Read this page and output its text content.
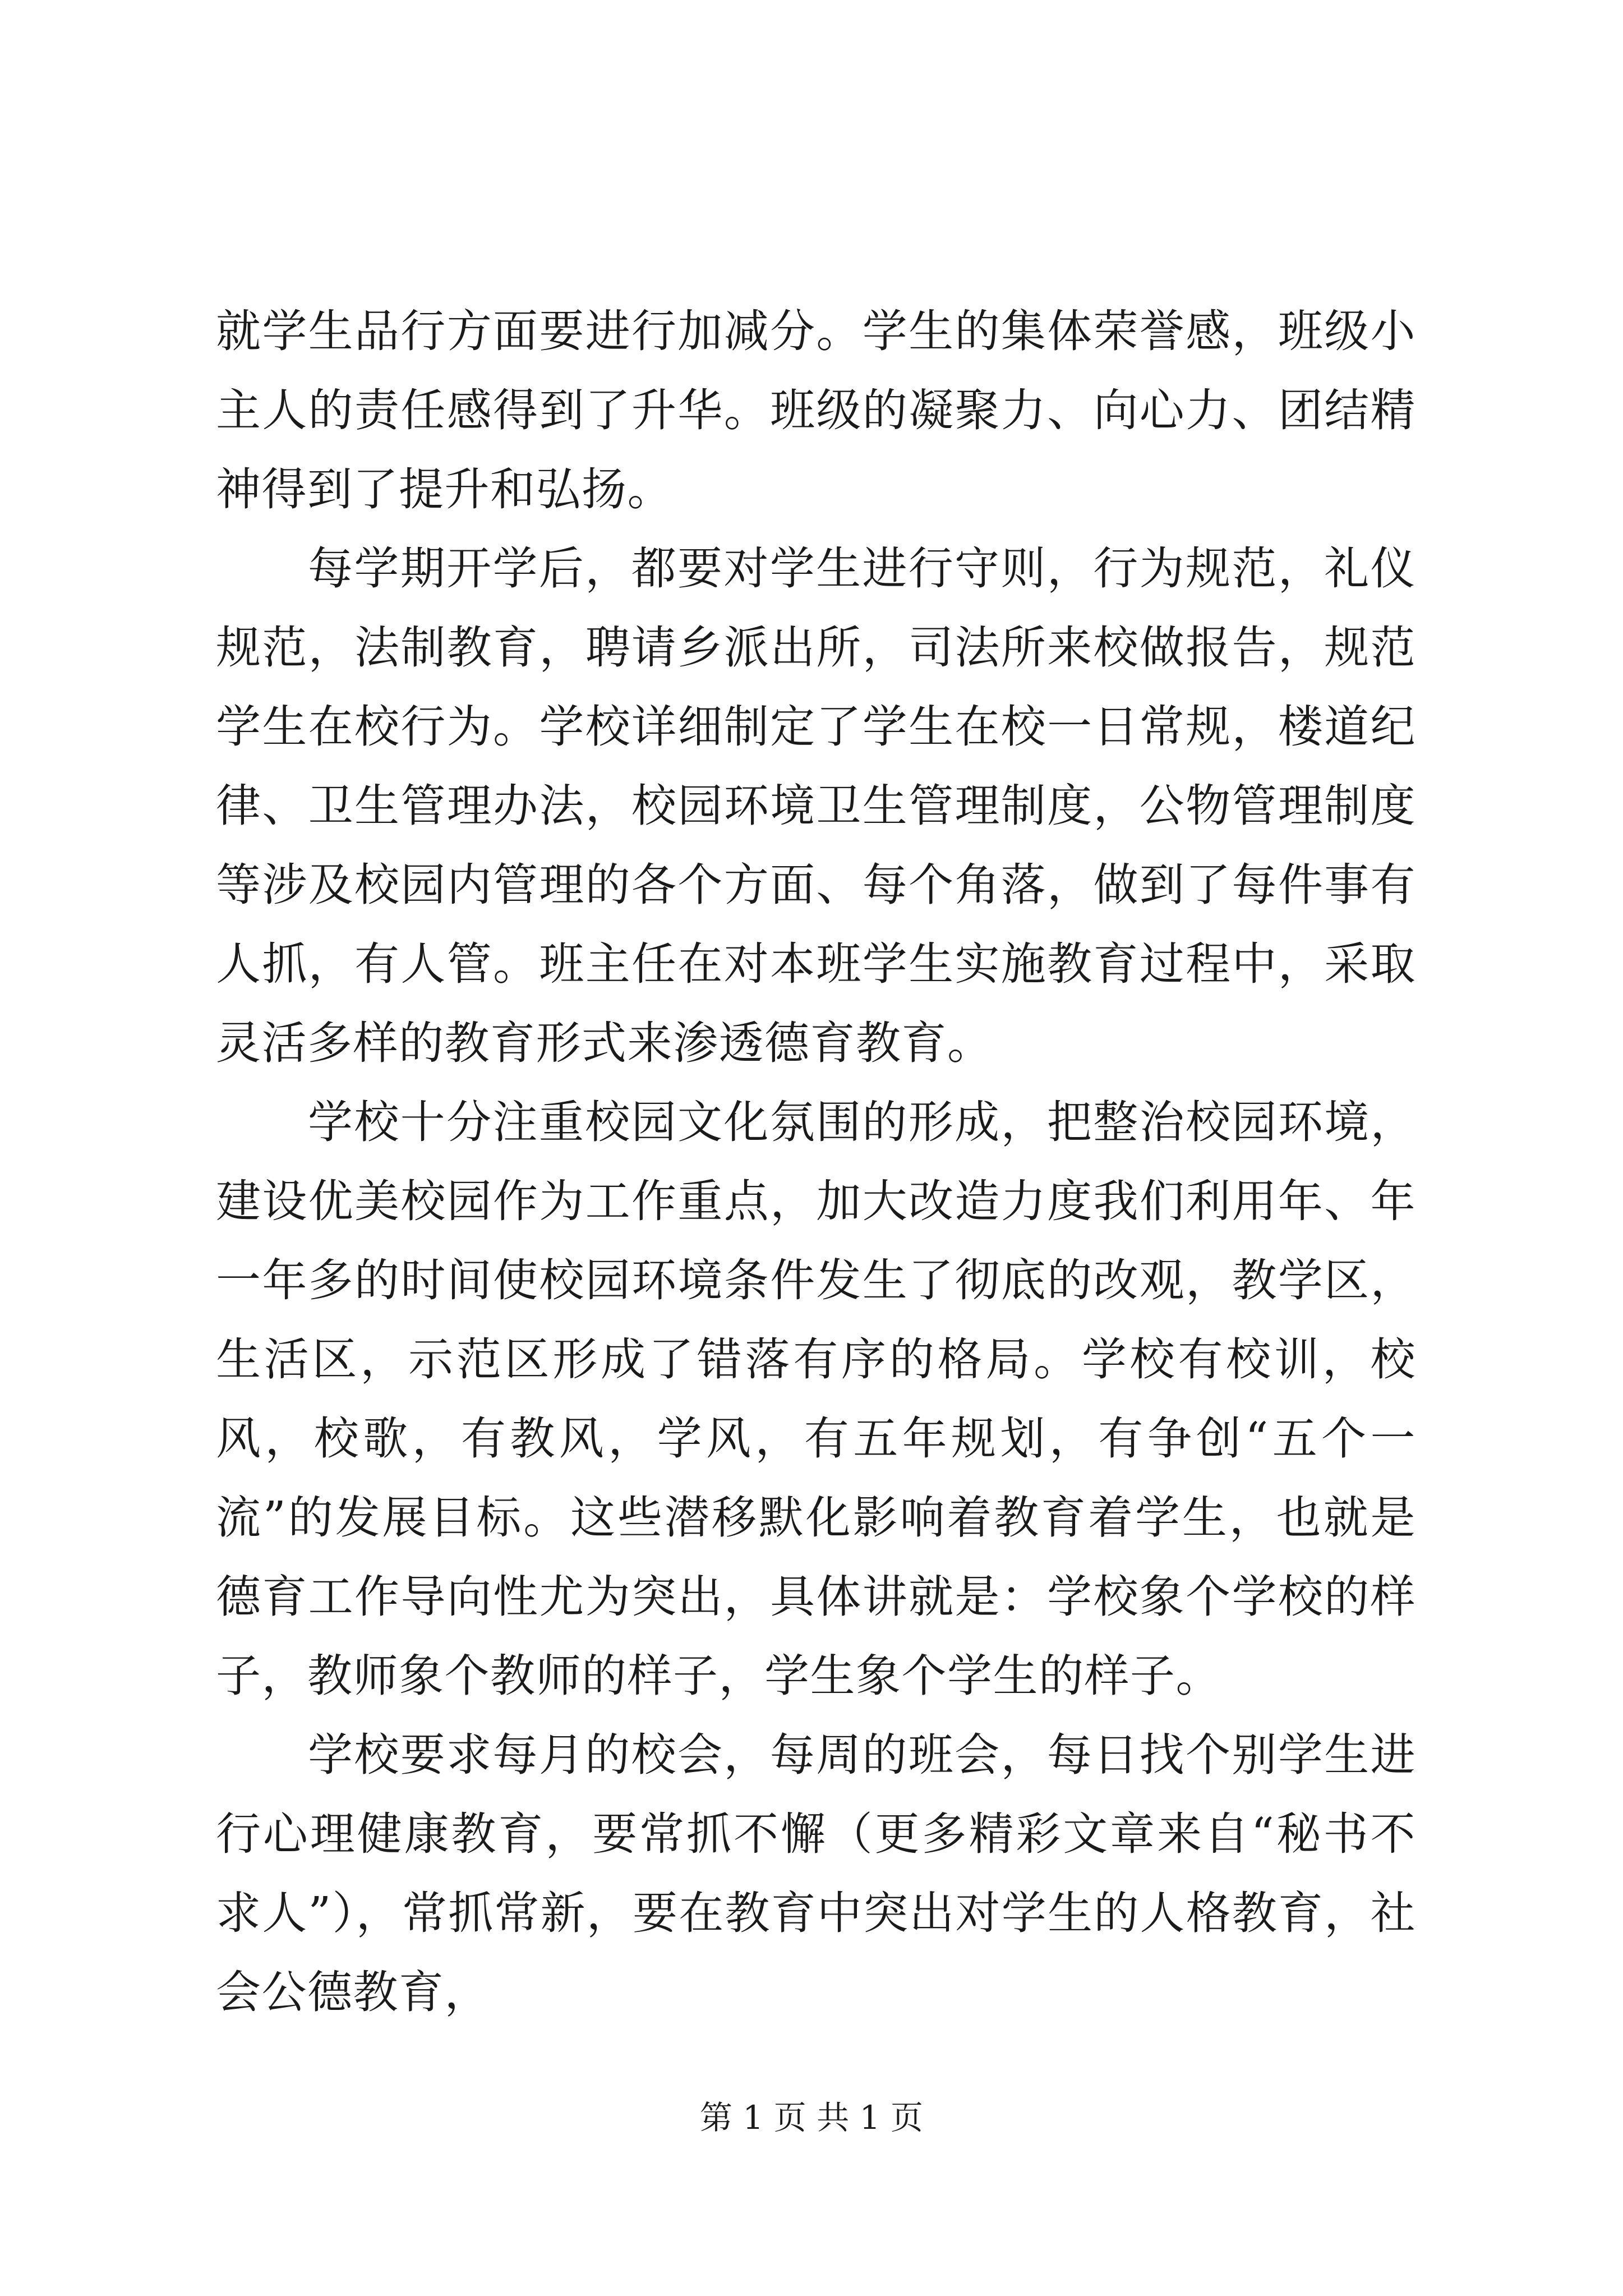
就学生品行方面要进行加减分。学生的集体荣誉感，班级小主人的责任感得到了升华。班级的凝聚力、向心力、团结精神得到了提升和弘扬。

每学期开学后，都要对学生进行守则，行为规范，礼仪规范，法制教育，聘请乡派出所，司法所来校做报告，规范学生在校行为。学校详细制定了学生在校一日常规，楼道纪律、卫生管理办法，校园环境卫生管理制度，公物管理制度等涉及校园内管理的各个方面、每个角落，做到了每件事有人抓，有人管。班主任在对本班学生实施教育过程中，采取灵活多样的教育形式来渗透德育教育。

学校十分注重校园文化氛围的形成，把整治校园环境，建设优美校园作为工作重点，加大改造力度我们利用年、年一年多的时间使校园环境条件发生了彻底的改观，教学区，生活区，示范区形成了错落有序的格局。学校有校训，校风，校歌，有教风，学风，有五年规划，有争创“五个一流”的发展目标。这些潜移默化影响着教育着学生，也就是德育工作导向性尤为突出，具体讲就是：学校象个学校的样子，教师象个教师的样子，学生象个学生的样子。

学校要求每月的校会，每周的班会，每日找个别学生进行心理健康教育，要常抓不懈（更多精彩文章来自“秘书不求人”），常抓常新，要在教育中突出对学生的人格教育，社会公德教育，

第 1 页 共 1 页
